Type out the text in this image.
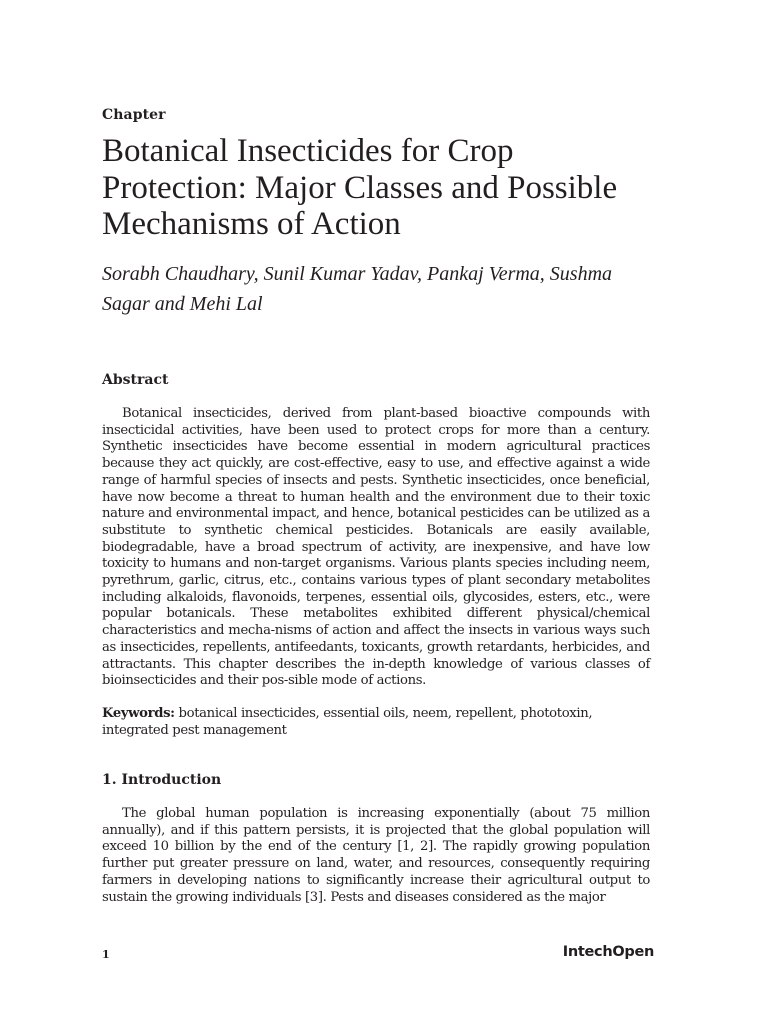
Chapter
Botanical Insecticides for Crop Protection: Major Classes and Possible Mechanisms of Action
Sorabh Chaudhary, Sunil Kumar Yadav, Pankaj Verma, Sushma Sagar and Mehi Lal
Abstract

Botanical insecticides, derived from plant-based bioactive compounds with insecticidal activities, have been used to protect crops for more than a century. Synthetic insecticides have become essential in modern agricultural practices because they act quickly, are cost-effective, easy to use, and effective against a wide range of harmful species of insects and pests. Synthetic insecticides, once beneficial, have now become a threat to human health and the environment due to their toxic nature and environmental impact, and hence, botanical pesticides can be utilized as a substitute to synthetic chemical pesticides. Botanicals are easily available, biodegradable, have a broad spectrum of activity, are inexpensive, and have low toxicity to humans and non-target organisms. Various plants species including neem, pyrethrum, garlic, citrus, etc., contains various types of plant secondary metabolites including alkaloids, flavonoids, terpenes, essential oils, glycosides, esters, etc., were popular botanicals. These metabolites exhibited different physical/chemical characteristics and mecha-nisms of action and affect the insects in various ways such as insecticides, repellents, antifeedants, toxicants, growth retardants, herbicides, and attractants. This chapter describes the in-depth knowledge of various classes of bioinsecticides and their pos-sible mode of actions.

Keywords: botanical insecticides, essential oils, neem, repellent, phototoxin, integrated pest management

1. Introduction

The global human population is increasing exponentially (about 75 million annually), and if this pattern persists, it is projected that the global population will exceed 10 billion by the end of the century [1, 2]. The rapidly growing population further put greater pressure on land, water, and resources, consequently requiring farmers in developing nations to significantly increase their agricultural output to sustain the growing individuals [3]. Pests and diseases considered as the major

1	IntechOpen
